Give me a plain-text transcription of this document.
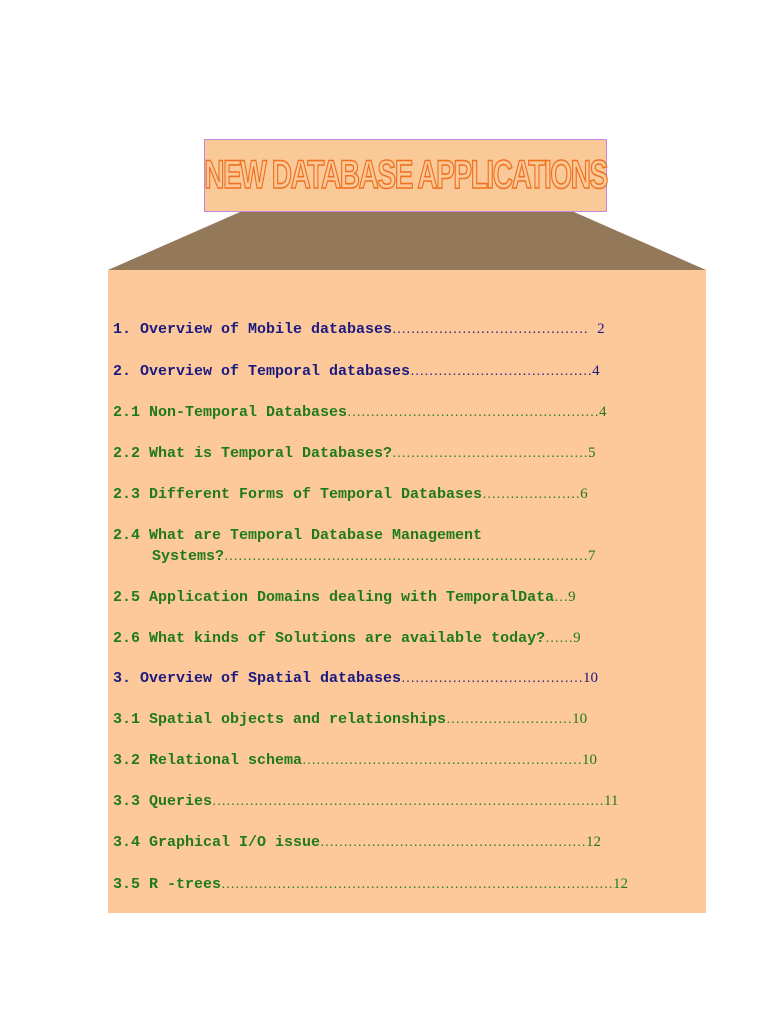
NEW DATABASE APPLICATIONS
1. Overview of Mobile databases…………………………………… 2
2. Overview of Temporal databases…………………………………4
2.1 Non-Temporal Databases………………………………………………4
2.2 What is Temporal Databases?……………………………………5
2.3 Different Forms of Temporal Databases…………………6
2.4 What are Temporal Database Management
Systems?……………………………………………………………………7
2.5 Application Domains dealing with TemporalData…9
2.6 What kinds of Solutions are available today?……9
3. Overview of Spatial databases…………………………………10
3.1 Spatial objects and relationships………………………10
3.2 Relational schema……………………………………………………10
3.3 Queries…………………………………………………………………………11
3.4 Graphical I/O issue…………………………………………………12
3.5 R -trees…………………………………………………………………………12
